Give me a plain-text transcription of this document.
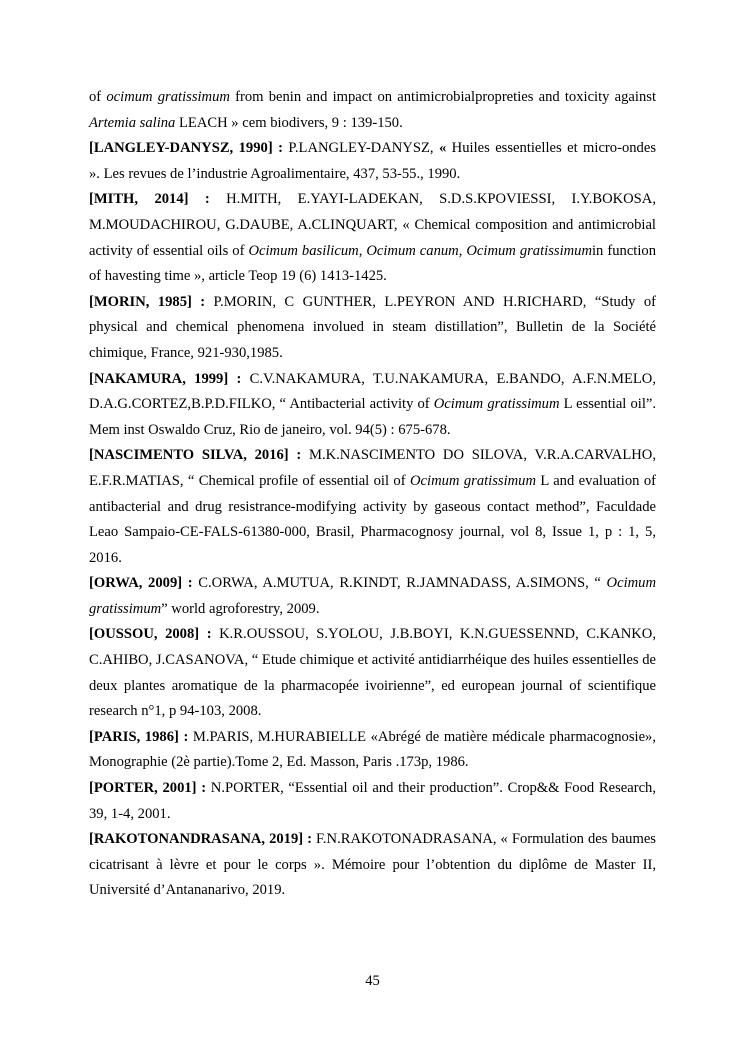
of ocimum gratissimum from benin and impact on antimicrobialpropreties and toxicity against Artemia salina LEACH » cem biodivers, 9 : 139-150.

[LANGLEY-DANYSZ, 1990] : P.LANGLEY-DANYSZ, « Huiles essentielles et micro-ondes ». Les revues de l’industrie Agroalimentaire, 437, 53-55., 1990.

[MITH, 2014] : H.MITH, E.YAYI-LADEKAN, S.D.S.KPOVIESSI, I.Y.BOKOSA, M.MOUDACHIROU, G.DAUBE, A.CLINQUART, « Chemical composition and antimicrobial activity of essential oils of Ocimum basilicum, Ocimum canum, Ocimum gratissimumin function of havesting time », article Teop 19 (6) 1413-1425.

[MORIN, 1985] : P.MORIN, C GUNTHER, L.PEYRON AND H.RICHARD, “Study of physical and chemical phenomena involued in steam distillation”, Bulletin de la Société chimique, France, 921-930,1985.

[NAKAMURA, 1999] : C.V.NAKAMURA, T.U.NAKAMURA, E.BANDO, A.F.N.MELO, D.A.G.CORTEZ,B.P.D.FILKO, “ Antibacterial activity of Ocimum gratissimum L essential oil”. Mem inst Oswaldo Cruz, Rio de janeiro, vol. 94(5) : 675-678.

[NASCIMENTO SILVA, 2016] : M.K.NASCIMENTO DO SILOVA, V.R.A.CARVALHO, E.F.R.MATIAS, “ Chemical profile of essential oil of Ocimum gratissimum L and evaluation of antibacterial and drug resistrance-modifying activity by gaseous contact method”, Faculdade Leao Sampaio-CE-FALS-61380-000, Brasil, Pharmacognosy journal, vol 8, Issue 1, p : 1, 5, 2016.

[ORWA, 2009] : C.ORWA, A.MUTUA, R.KINDT, R.JAMNADASS, A.SIMONS, “ Ocimum gratissimum” world agroforestry, 2009.

[OUSSOU, 2008] : K.R.OUSSOU, S.YOLOU, J.B.BOYI, K.N.GUESSENND, C.KANKO, C.AHIBO, J.CASANOVA, “ Etude chimique et activité antidiarrhéique des huiles essentielles de deux plantes aromatique de la pharmacopée ivoirienne”, ed european journal of scientifique research n°1, p 94-103, 2008.

[PARIS, 1986] : M.PARIS, M.HURABIELLE «Abrégé de matière médicale pharmacognosie», Monographie (2è partie).Tome 2, Ed. Masson, Paris .173p, 1986.

[PORTER, 2001] : N.PORTER, “Essential oil and their production”. Crop&& Food Research, 39, 1-4, 2001.

[RAKOTONANDRASANA, 2019] : F.N.RAKOTONADRASANA, « Formulation des baumes cicatrisant à lèvre et pour le corps ». Mémoire pour l’obtention du diplôme de Master II, Université d’Antananarivo, 2019.

45
